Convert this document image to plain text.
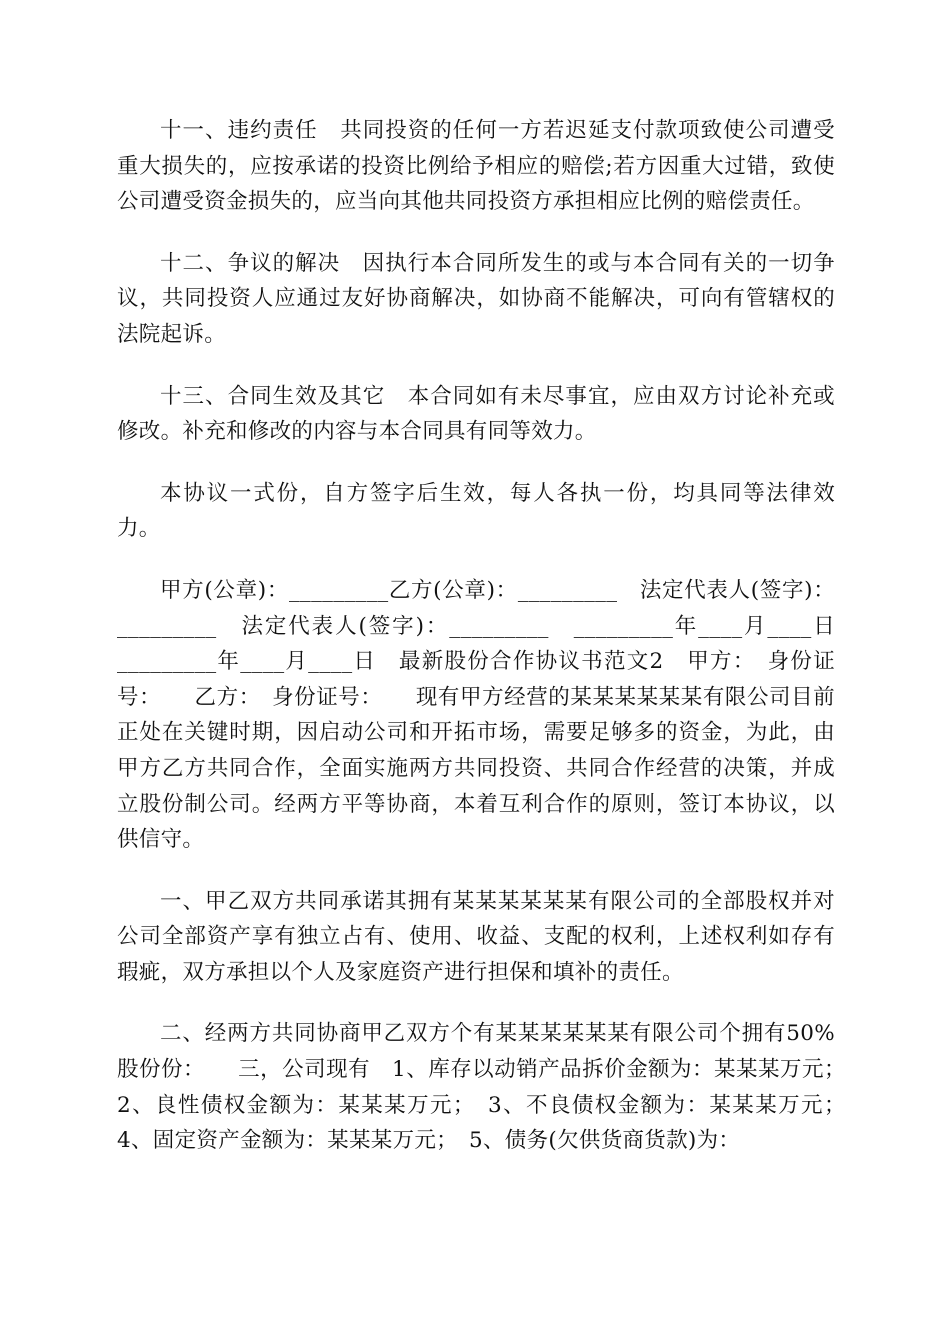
十一、违约责任　共同投资的任何一方若迟延支付款项致使公司遭受重大损失的，应按承诺的投资比例给予相应的赔偿;若方因重大过错，致使公司遭受资金损失的，应当向其他共同投资方承担相应比例的赔偿责任。

十二、争议的解决　因执行本合同所发生的或与本合同有关的一切争议，共同投资人应通过友好协商解决，如协商不能解决，可向有管辖权的法院起诉。

十三、合同生效及其它　本合同如有未尽事宜，应由双方讨论补充或修改。补充和修改的内容与本合同具有同等效力。

本协议一式份，自方签字后生效，每人各执一份，均具同等法律效力。

甲方(公章)：_________乙方(公章)：_________　法定代表人(签字)：_________　法定代表人(签字)：_________　_________年____月____日　_________年____月____日　最新股份合作协议书范文2　甲方：　身份证号：　　乙方：　身份证号：　　现有甲方经营的某某某某某某有限公司目前正处在关键时期，因启动公司和开拓市场，需要足够多的资金，为此，由甲方乙方共同合作，全面实施两方共同投资、共同合作经营的决策，并成立股份制公司。经两方平等协商，本着互利合作的原则，签订本协议，以供信守。

一、甲乙双方共同承诺其拥有某某某某某某有限公司的全部股权并对公司全部资产享有独立占有、使用、收益、支配的权利，上述权利如存有瑕疵，双方承担以个人及家庭资产进行担保和填补的责任。

二、经两方共同协商甲乙双方个有某某某某某某有限公司个拥有50%股份份：　　三，公司现有　1、库存以动销产品拆价金额为：某某某万元；　2、良性债权金额为：某某某万元；　3、不良债权金额为：某某某万元；　4、固定资产金额为：某某某万元；　5、债务(欠供货商货款)为：
